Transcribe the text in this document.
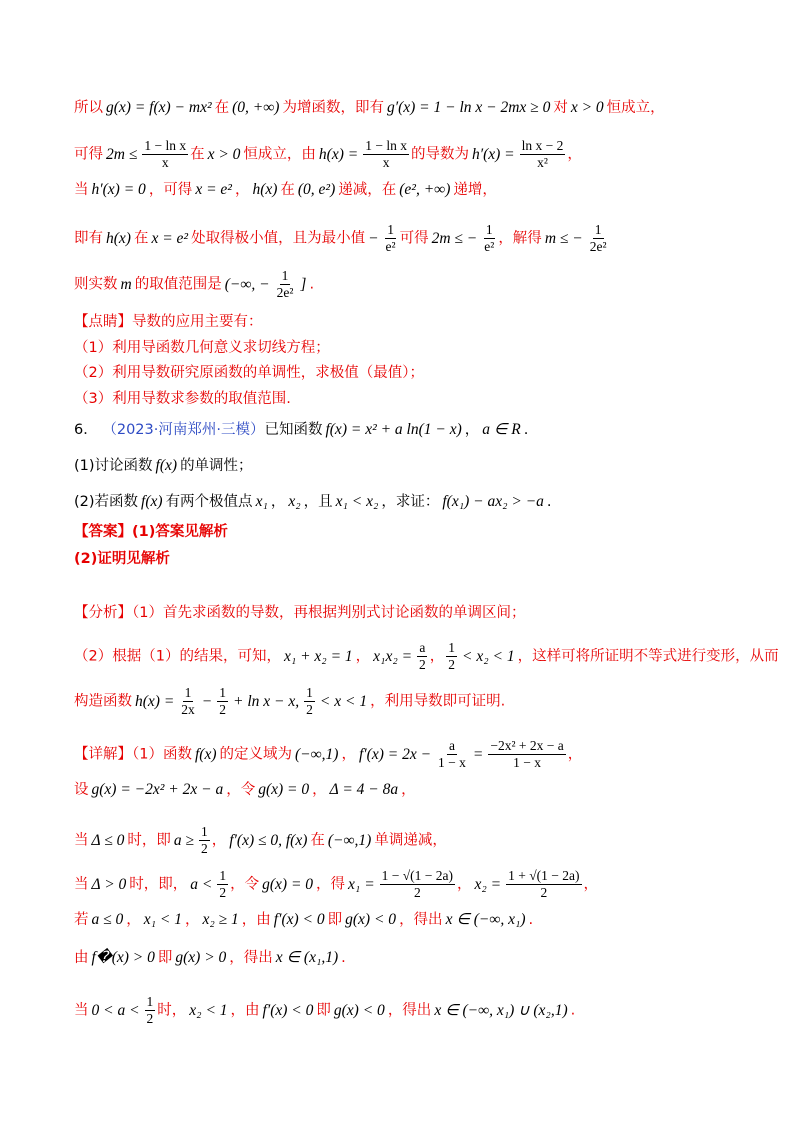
所以 g(x) = f(x) − mx² 在 (0, +∞) 为增函数，即有 g′(x) = 1 − ln x − 2mx ≥ 0 对 x > 0 恒成立，
可得 $2m \le \frac{\text{1 − ln x}}{x}$ 在 x > 0 恒成立，由 $h(x) = \frac{\text{1 − ln x}}{x}$ 的导数为 $h'(x) = \frac{\text{ln x − 2}}{\text{x²}}$ ，
当 h′(x) = 0 ，可得 x = e² ， h(x) 在 (0, e²) 递减，在 (e², +∞) 递增，
即有 h(x) 在 x = e² 处取得极小值，且为最小值 − $\frac{1}{\text{e²}}$ 可得 2m ≤ − $\frac{1}{\text{e²}}$ ，解得 m ≤ − $\frac{1}{\text{2e²}}$
则实数 m 的取值范围是 (−∞, − $\frac{1}{\text{2e²}}$ ] .
【点睛】导数的应用主要有：
（1）利用导函数几何意义求切线方程；
（2）利用导数研究原函数的单调性，求极值（最值）；
（3）利用导数求参数的取值范围.
6． （2023·河南郑州·三模）已知函数 f(x) = x² + a ln(1 − x) ， a ∈ R .
(1)讨论函数 f(x) 的单调性；
(2)若函数 f(x) 有两个极值点 x₁ ， x₂ ，且 x₁ < x₂ ，求证： f(x₁) − ax₂ > −a .
【答案】(1)答案见解析
(2)证明见解析
【分析】（1）首先求函数的导数，再根据判别式讨论函数的单调区间；
（2）根据（1）的结果，可知， x₁ + x₂ = 1 ， $x_1x_2 = \frac{a}{2}$ ， $\frac{1}{2} < x_2 < 1$ ，这样可将所证明不等式进行变形，从而
构造函数 $h(x) = \frac{1}{2x} - \frac{1}{2} + \ln x - x$, $\frac{1}{2} < x < 1$ ，利用导数即可证明.
【详解】（1）函数 f(x) 的定义域为 (−∞,1) ， $f'(x) = 2x - \frac{a}{1 - x} = \frac{\text{−2x² + 2x − a}}{1 - x}$ ，
设 g(x) = −2x² + 2x − a ，令 g(x) = 0 ， Δ = 4 − 8a ，
当 Δ ≤ 0 时，即 $a \ge \frac{1}{2}$ ， f′(x) ≤ 0, f(x) 在 (−∞,1) 单调递减，
当 Δ > 0 时，即， $a < \frac{1}{2}$ ，令 g(x) = 0 ，得 $x_1 = \frac{1 - √(1 - 2a)}{2}$ ， $x_2 = \frac{1 + √(1 - 2a)}{2}$ ，
若 a ≤ 0 ， x₁ < 1 ， x₂ ≥ 1 ，由 f′(x) < 0 即 g(x) < 0 ，得出 x ∈ (−∞, x₁) .
由 f�(x) > 0 即 g(x) > 0 ，得出 x ∈ (x₁,1) .
当 $0 < a < \frac{1}{2}$ 时， x₂ < 1 ，由 f′(x) < 0 即 g(x) < 0 ，得出 x ∈ (−∞, x₁) ∪ (x₂,1) .
